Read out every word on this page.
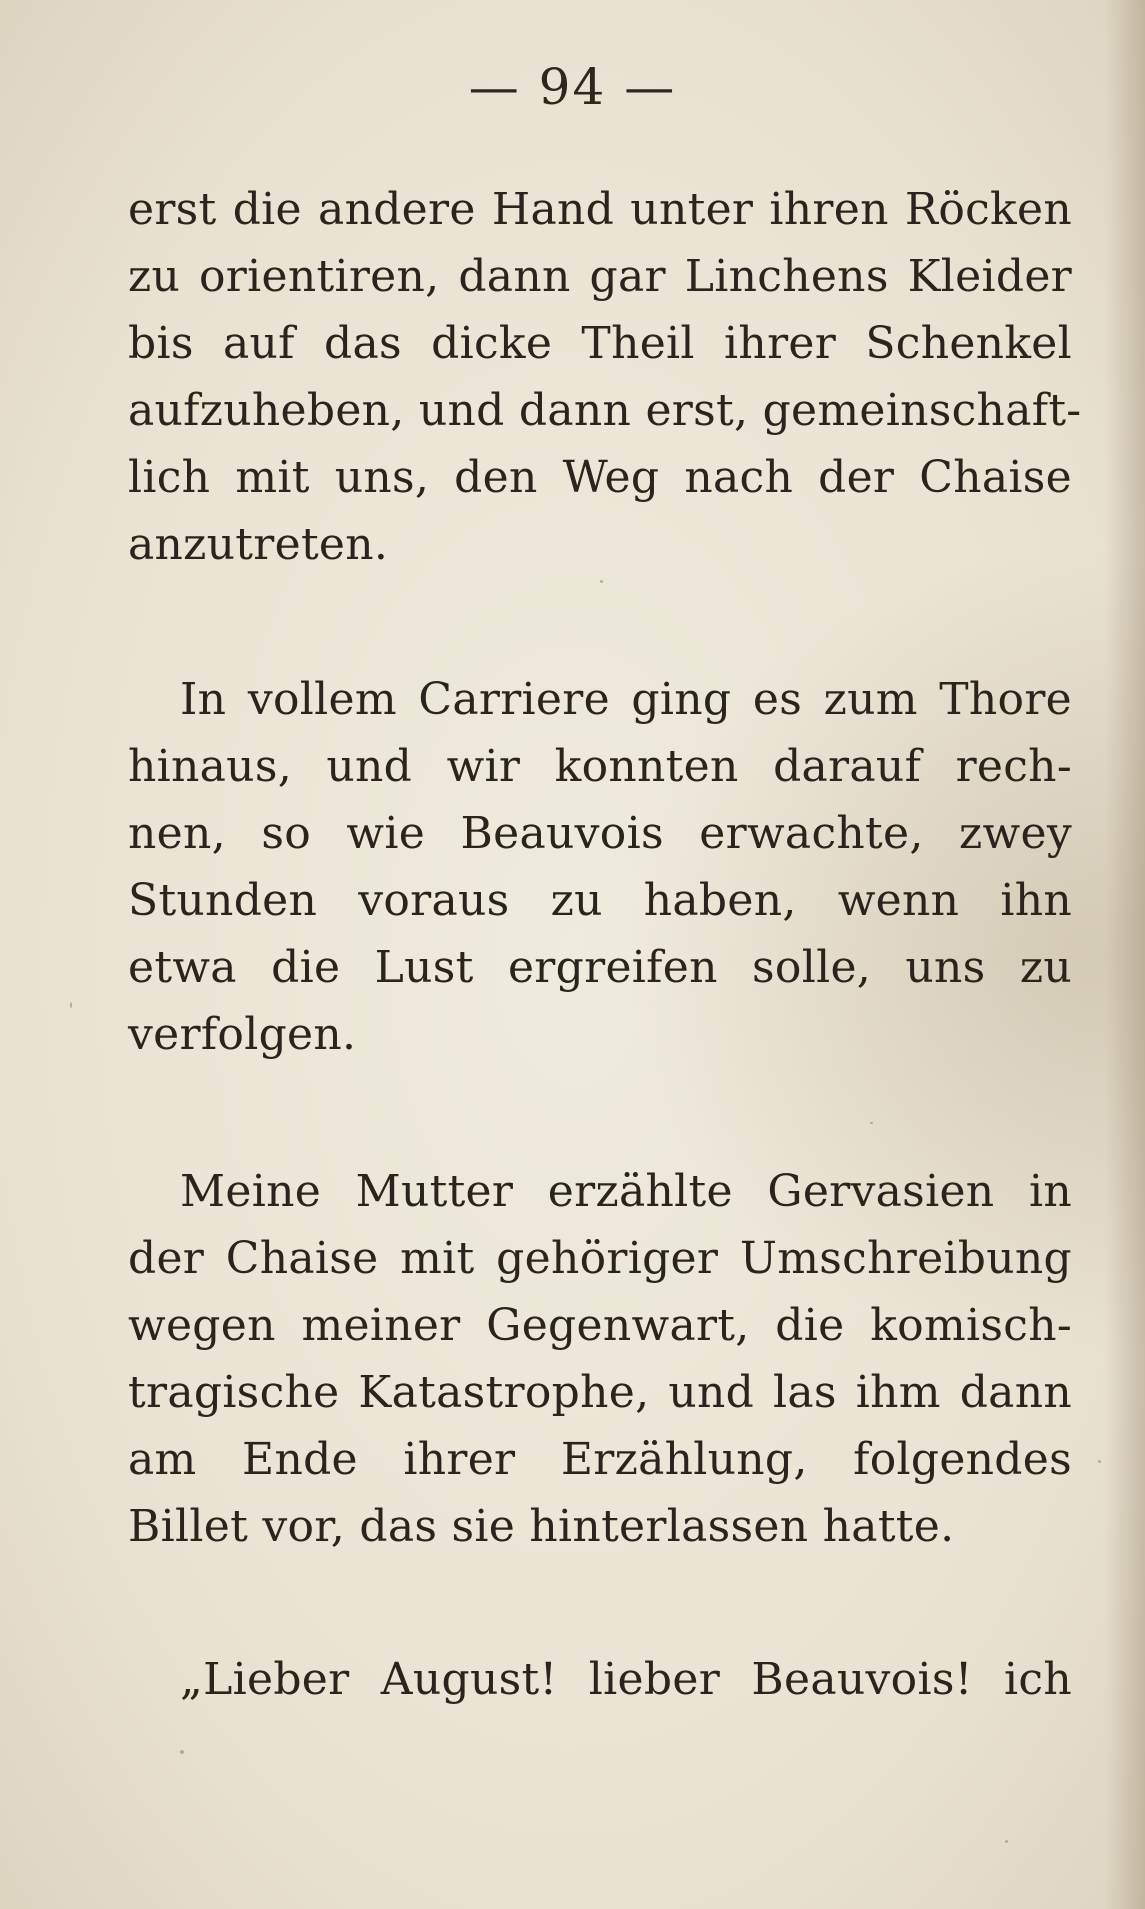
— 94 —
erst die andere Hand unter ihren Röcken
zu orientiren, dann gar Linchens Kleider
bis auf das dicke Theil ihrer Schenkel
aufzuheben, und dann erst, gemeinschaft-
lich mit uns, den Weg nach der Chaise
anzutreten.
In vollem Carriere ging es zum Thore
hinaus, und wir konnten darauf rech-
nen, so wie Beauvois erwachte, zwey
Stunden voraus zu haben, wenn ihn
etwa die Lust ergreifen solle, uns zu
verfolgen.
Meine Mutter erzählte Gervasien in
der Chaise mit gehöriger Umschreibung
wegen meiner Gegenwart, die komisch-
tragische Katastrophe, und las ihm dann
am Ende ihrer Erzählung, folgendes
Billet vor, das sie hinterlassen hatte.
„Lieber August! lieber Beauvois! ich
